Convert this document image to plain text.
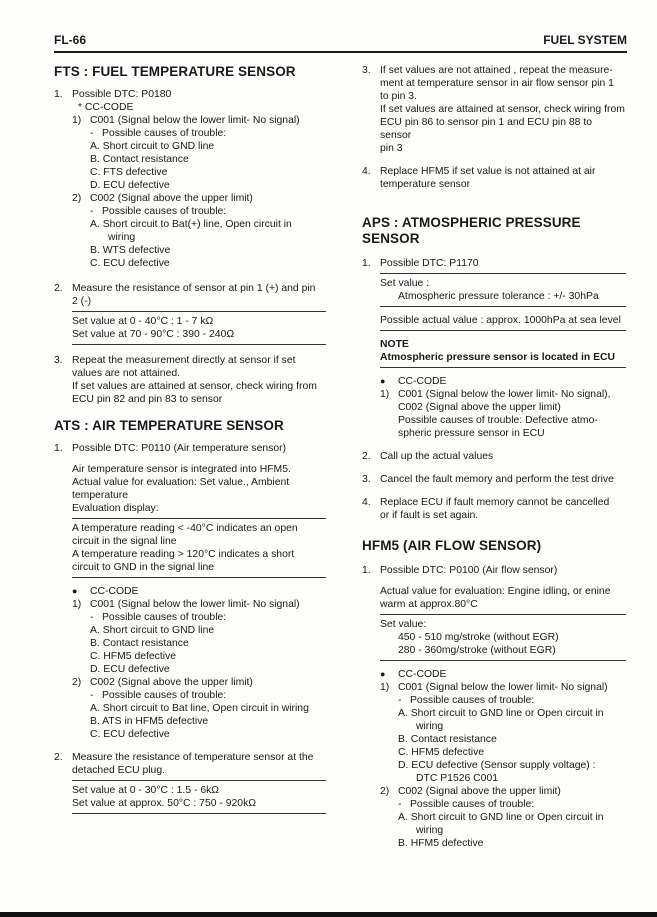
FL-66	FUEL SYSTEM
FTS : FUEL TEMPERATURE SENSOR
1. Possible DTC: P0180
* CC-CODE
1) C001 (Signal below the lower limit- No signal)
- Possible causes of trouble:
A. Short circuit to GND line
B. Contact resistance
C. FTS defective
D. ECU defective
2) C002 (Signal above the upper limit)
- Possible causes of trouble:
A. Short circuit to Bat(+) line, Open circuit in
wiring
B. WTS defective
C. ECU defective
2. Measure the resistance of sensor at pin 1 (+) and pin
2 (-)
Set value at 0 - 40°C : 1 - 7 kΩ
Set value at 70 - 90°C : 390 - 240Ω
3. Repeat the measurement directly at sensor if set
values are not attained.
If set values are attained at sensor, check wiring from
ECU pin 82 and pin 83 to sensor
ATS : AIR TEMPERATURE SENSOR
1. Possible DTC: P0110 (Air temperature sensor)
Air temperature sensor is integrated into HFM5.
Actual value for evaluation: Set value., Ambient
temperature
Evaluation display:
A temperature reading < -40°C indicates an open
circuit in the signal line
A temperature reading > 120°C indicates a short
circuit to GND in the signal line
●	CC-CODE
1) C001 (Signal below the lower limit- No signal)
- Possible causes of trouble:
A. Short circuit to GND line
B. Contact resistance
C. HFM5 defective
D. ECU defective
2) C002 (Signal above the upper limit)
- Possible causes of trouble:
A. Short circuit to Bat line, Open circuit in wiring
B. ATS in HFM5 defective
C. ECU defective
2. Measure the resistance of temperature sensor at the
detached ECU plug.
Set value at 0 - 30°C : 1.5 - 6kΩ
Set value at approx. 50°C : 750 - 920kΩ
3. If set values are not attained , repeat the measure-
ment at temperature sensor in air flow sensor pin 1
to pin 3.
If set values are attained at sensor, check wiring from
ECU pin 86 to sensor pin 1 and ECU pin 88 to sensor
pin 3
4. Replace HFM5 if set value is not attained at air
temperature sensor
APS : ATMOSPHERIC PRESSURE SENSOR
1. Possible DTC: P1170
Set value :
Atmospheric pressure tolerance : +/- 30hPa
Possible actual value : approx. 1000hPa at sea level
NOTE
Atmospheric pressure sensor is located in ECU
●	CC-CODE
1) C001 (Signal below the lower limit- No signal),
C002 (Signal above the upper limit)
Possible causes of trouble: Defective atmo-
spheric pressure sensor in ECU
2. Call up the actual values
3. Cancel the fault memory and perform the test drive
4. Replace ECU if fault memory cannot be cancelled
or if fault is set again.
HFM5 (AIR FLOW SENSOR)
1. Possible DTC: P0100 (Air flow sensor)
Actual value for evaluation: Engine idling, or enine
warm at approx.80°C
Set value:
450 - 510 mg/stroke (without EGR)
280 - 360mg/stroke (without EGR)
●	CC-CODE
1) C001 (Signal below the lower limit- No signal)
- Possible causes of trouble:
A. Short circuit to GND line or Open circuit in
wiring
B. Contact resistance
C. HFM5 defective
D. ECU defective (Sensor supply voltage) :
DTC P1526 C001
2) C002 (Signal above the upper limit)
- Possible causes of trouble:
A. Short circuit to GND line or Open circuit in
wiring
B. HFM5 defective
